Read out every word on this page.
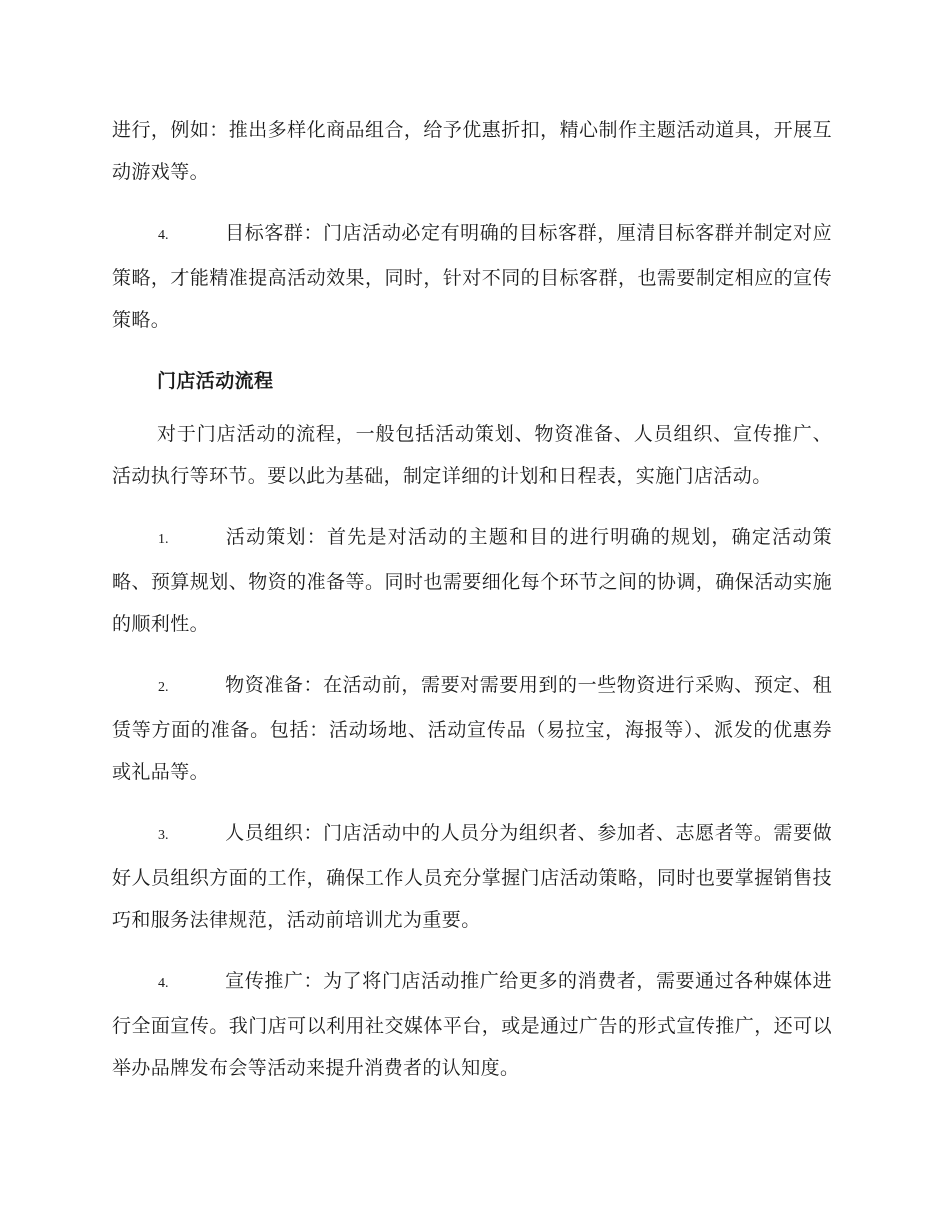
进行，例如：推出多样化商品组合，给予优惠折扣，精心制作主题活动道具，开展互动游戏等。

4.	目标客群：门店活动必定有明确的目标客群，厘清目标客群并制定对应策略，才能精准提高活动效果，同时，针对不同的目标客群，也需要制定相应的宣传策略。

门店活动流程

对于门店活动的流程，一般包括活动策划、物资准备、人员组织、宣传推广、活动执行等环节。要以此为基础，制定详细的计划和日程表，实施门店活动。

1.	活动策划：首先是对活动的主题和目的进行明确的规划，确定活动策略、预算规划、物资的准备等。同时也需要细化每个环节之间的协调，确保活动实施的顺利性。

2.	物资准备：在活动前，需要对需要用到的一些物资进行采购、预定、租赁等方面的准备。包括：活动场地、活动宣传品（易拉宝，海报等）、派发的优惠券或礼品等。

3.	人员组织：门店活动中的人员分为组织者、参加者、志愿者等。需要做好人员组织方面的工作，确保工作人员充分掌握门店活动策略，同时也要掌握销售技巧和服务法律规范，活动前培训尤为重要。

4.	宣传推广：为了将门店活动推广给更多的消费者，需要通过各种媒体进行全面宣传。我门店可以利用社交媒体平台，或是通过广告的形式宣传推广，还可以举办品牌发布会等活动来提升消费者的认知度。
